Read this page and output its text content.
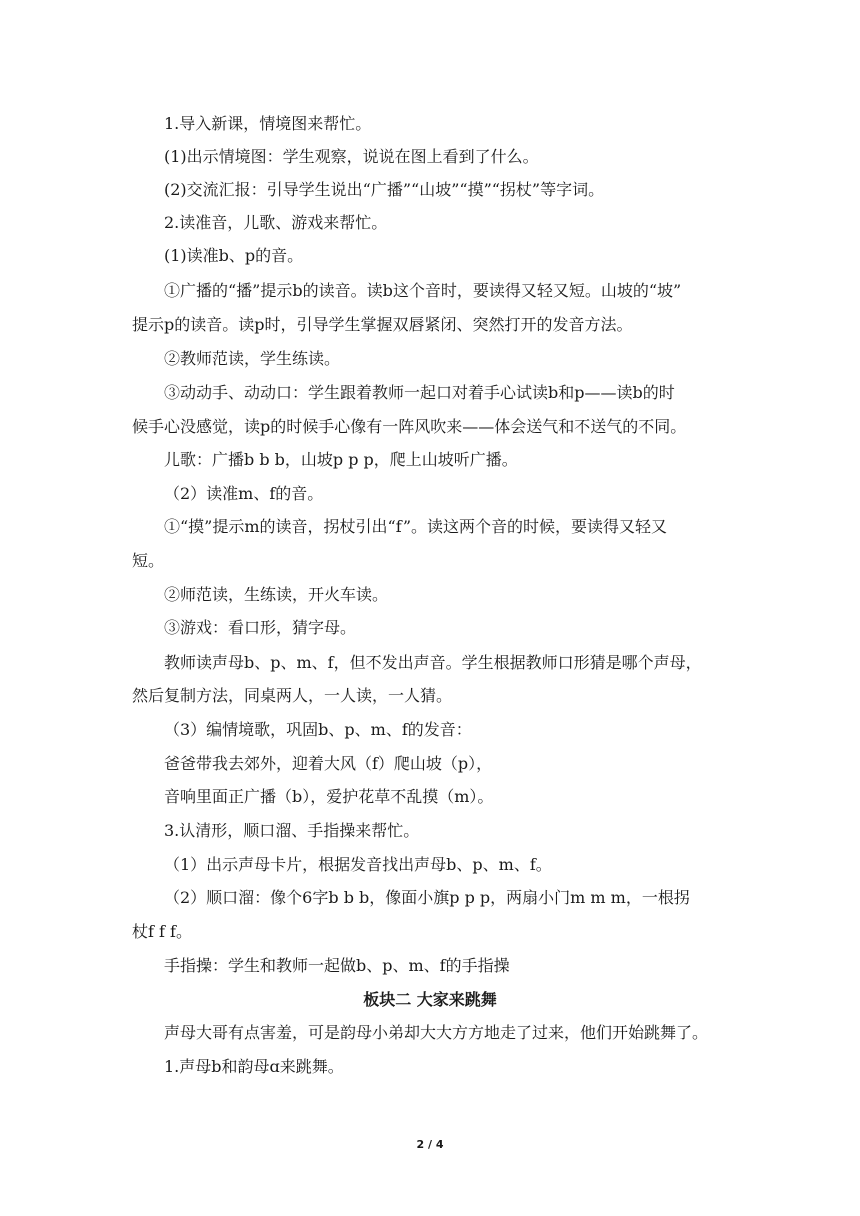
1.导入新课，情境图来帮忙。
(1)出示情境图：学生观察，说说在图上看到了什么。
(2)交流汇报：引导学生说出“广播”“山坡”“摸”“拐杖”等字词。
2.读准音，儿歌、游戏来帮忙。
(1)读准b、p的音。
①广播的“播”提示b的读音。读b这个音时，要读得又轻又短。山坡的“坡”
提示p的读音。读p时，引导学生掌握双唇紧闭、突然打开的发音方法。
②教师范读，学生练读。
③动动手、动动口：学生跟着教师一起口对着手心试读b和p——读b的时
候手心没感觉，读p的时候手心像有一阵风吹来——体会送气和不送气的不同。
儿歌：广播b b b，山坡p p p，爬上山坡听广播。
（2）读准m、f的音。
①“摸”提示m的读音，拐杖引出“f”。读这两个音的时候，要读得又轻又
短。
②师范读，生练读，开火车读。
③游戏：看口形，猜字母。
教师读声母b、p、m、f，但不发出声音。学生根据教师口形猜是哪个声母，
然后复制方法，同桌两人，一人读，一人猜。
（3）编情境歌，巩固b、p、m、f的发音：
爸爸带我去郊外，迎着大风（f）爬山坡（p），
音响里面正广播（b），爱护花草不乱摸（m）。
3.认清形，顺口溜、手指操来帮忙。
（1）出示声母卡片，根据发音找出声母b、p、m、f。
（2）顺口溜：像个6字b b b，像面小旗p p p，两扇小门m m m，一根拐
杖f f f。
手指操：学生和教师一起做b、p、m、f的手指操
板块二 大家来跳舞
声母大哥有点害羞，可是韵母小弟却大大方方地走了过来，他们开始跳舞了。
1.声母b和韵母ɑ来跳舞。
2 / 4
